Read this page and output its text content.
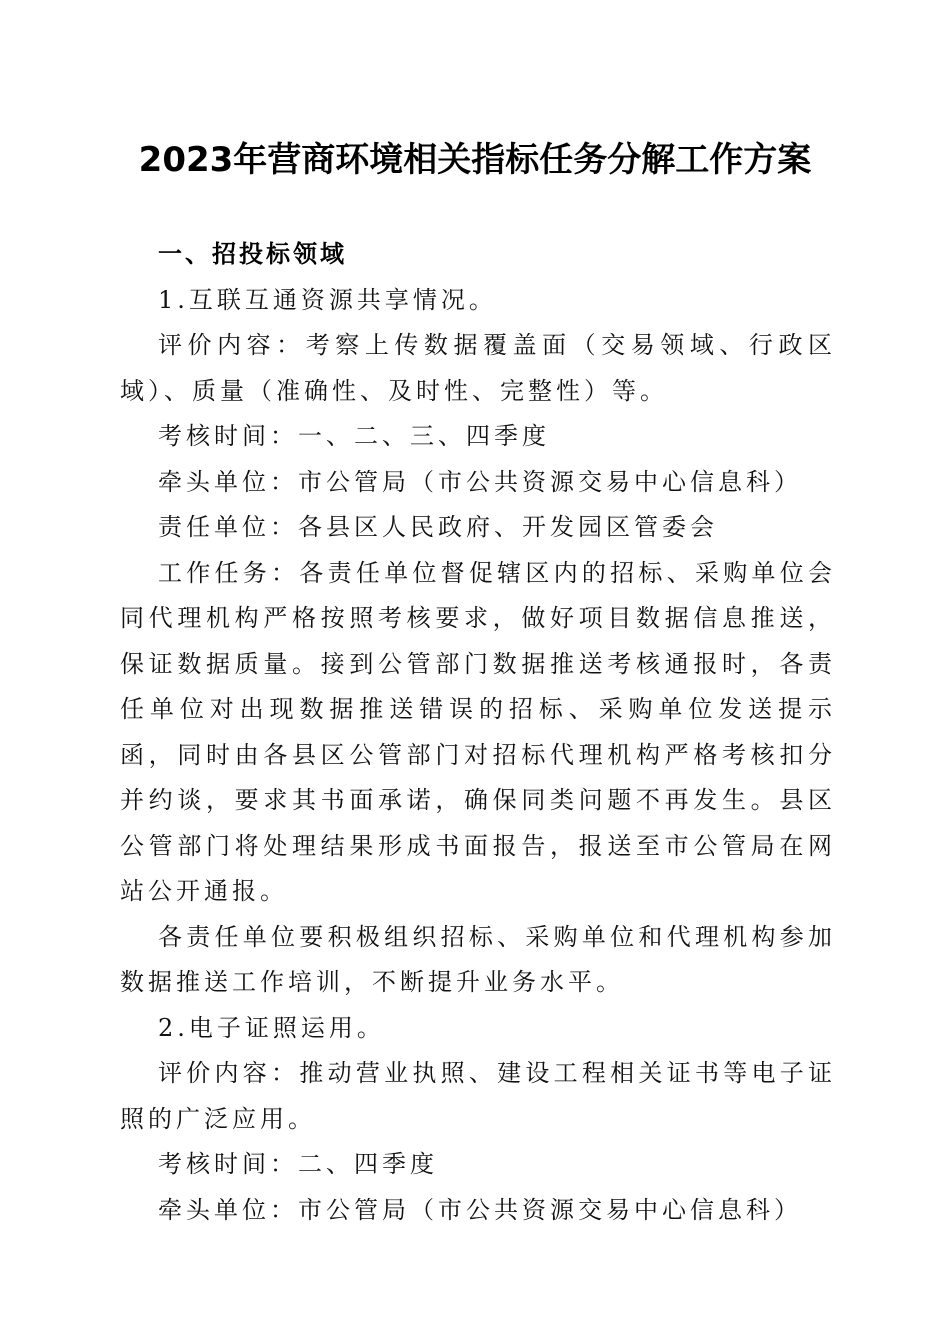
2023年营商环境相关指标任务分解工作方案

一、招投标领域

1.互联互通资源共享情况。

评价内容：考察上传数据覆盖面（交易领域、行政区域）、质量（准确性、及时性、完整性）等。

考核时间：一、二、三、四季度

牵头单位：市公管局（市公共资源交易中心信息科）

责任单位：各县区人民政府、开发园区管委会

工作任务：各责任单位督促辖区内的招标、采购单位会同代理机构严格按照考核要求，做好项目数据信息推送，保证数据质量。接到公管部门数据推送考核通报时，各责任单位对出现数据推送错误的招标、采购单位发送提示函，同时由各县区公管部门对招标代理机构严格考核扣分并约谈，要求其书面承诺，确保同类问题不再发生。县区公管部门将处理结果形成书面报告，报送至市公管局在网站公开通报。

各责任单位要积极组织招标、采购单位和代理机构参加数据推送工作培训，不断提升业务水平。

2.电子证照运用。

评价内容：推动营业执照、建设工程相关证书等电子证照的广泛应用。

考核时间：二、四季度

牵头单位：市公管局（市公共资源交易中心信息科）
